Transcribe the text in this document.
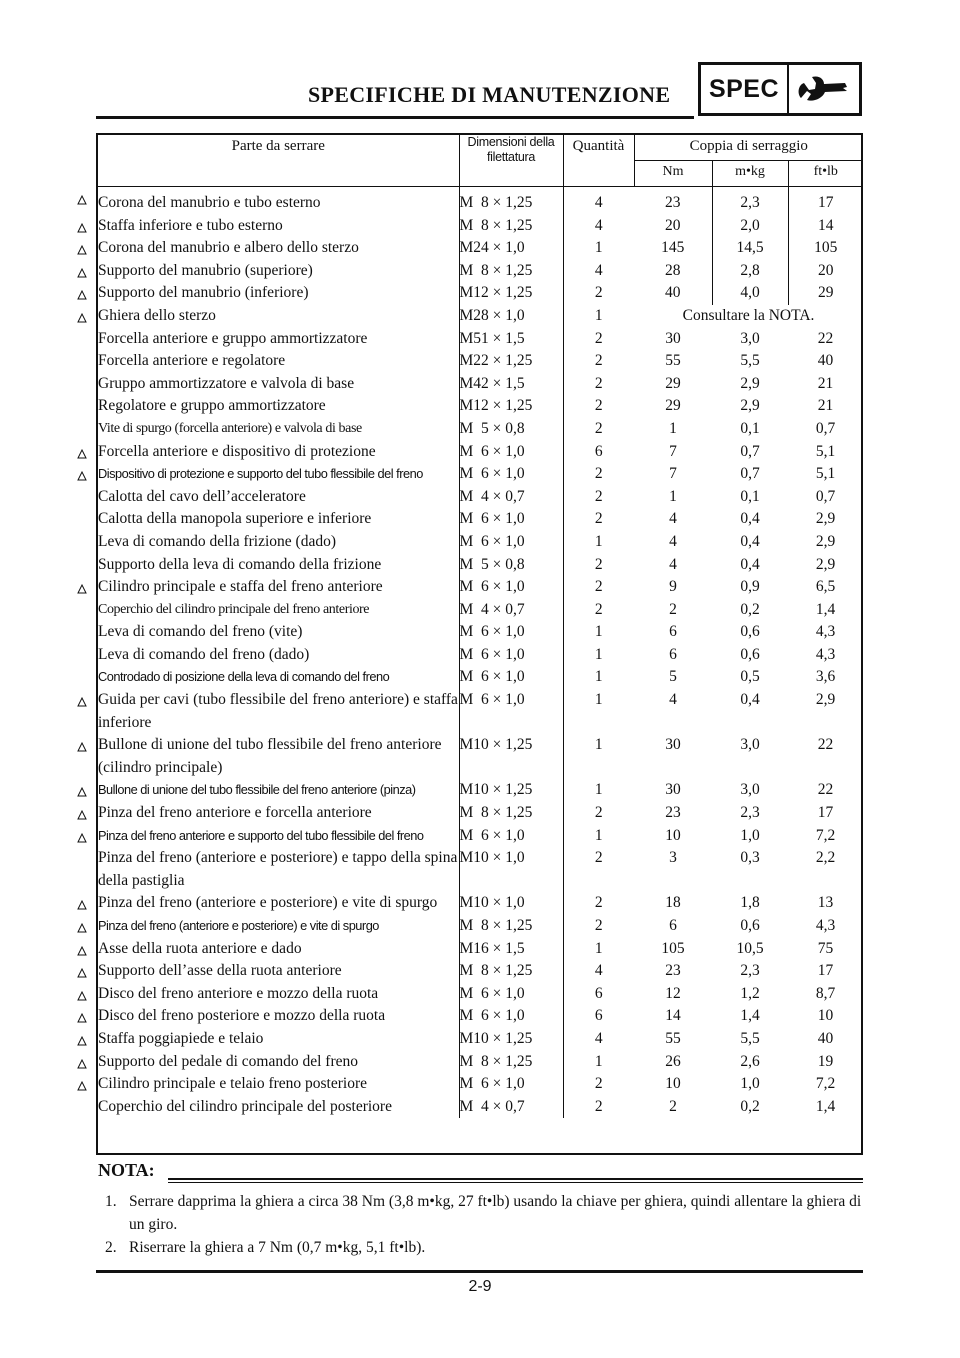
SPECIFICHE DI MANUTENZIONE	SPEC
Parte da serrare	Dimensioni della filettatura	Quantità	Coppia di serraggio		
			Nm	m•kg	ft•lb

Corona del manubrio e tubo esterno	M  8 × 1,25	4	23	2,3	17

Staffa inferiore e tubo esterno	M  8 × 1,25	4	20	2,0	14

Corona del manubrio e albero dello sterzo	M24 × 1,0	1	145	14,5	105

Supporto del manubrio (superiore)	M  8 × 1,25	4	28	2,8	20

Supporto del manubrio (inferiore)	M12 × 1,25	2	40	4,0	29

Ghiera dello sterzo	M28 × 1,0	1	Consultare la NOTA.		
Forcella anteriore e gruppo ammortizzatore	M51 × 1,5	2	30	3,0	22
Forcella anteriore e regolatore	M22 × 1,25	2	55	5,5	40
Gruppo ammortizzatore e valvola di base	M42 × 1,5	2	29	2,9	21
Regolatore e gruppo ammortizzatore	M12 × 1,25	2	29	2,9	21
Vite di spurgo (forcella anteriore) e valvola di base	M  5 × 0,8	2	1	0,1	0,7

Forcella anteriore e dispositivo di protezione	M  6 × 1,0	6	7	0,7	5,1

Dispositivo di protezione e supporto del tubo flessibile del freno	M  6 × 1,0	2	7	0,7	5,1
Calotta del cavo dell’acceleratore	M  4 × 0,7	2	1	0,1	0,7
Calotta della manopola superiore e inferiore	M  6 × 1,0	2	4	0,4	2,9
Leva di comando della frizione (dado)	M  6 × 1,0	1	4	0,4	2,9
Supporto della leva di comando della frizione	M  5 × 0,8	2	4	0,4	2,9

Cilindro principale e staffa del freno anteriore	M  6 × 1,0	2	9	0,9	6,5
Coperchio del cilindro principale del freno anteriore	M  4 × 0,7	2	2	0,2	1,4
Leva di comando del freno (vite)	M  6 × 1,0	1	6	0,6	4,3
Leva di comando del freno (dado)	M  6 × 1,0	1	6	0,6	4,3
Controdado di posizione della leva di comando del freno	M  6 × 1,0	1	5	0,5	3,6

Guida per cavi (tubo flessibile del freno anteriore) e staffa inferiore	M  6 × 1,0	1	4	0,4	2,9

Bullone di unione del tubo flessibile del freno anteriore (cilindro principale)	M10 × 1,25	1	30	3,0	22

Bullone di unione del tubo flessibile del freno anteriore (pinza)	M10 × 1,25	1	30	3,0	22

Pinza del freno anteriore e forcella anteriore	M  8 × 1,25	2	23	2,3	17

Pinza del freno anteriore e supporto del tubo flessibile del freno	M  6 × 1,0	1	10	1,0	7,2
Pinza del freno (anteriore e posteriore) e tappo della spina della pastiglia	M10 × 1,0	2	3	0,3	2,2

Pinza del freno (anteriore e posteriore) e vite di spurgo	M10 × 1,0	2	18	1,8	13

Pinza del freno (anteriore e posteriore) e vite di spurgo	M  8 × 1,25	2	6	0,6	4,3

Asse della ruota anteriore e dado	M16 × 1,5	1	105	10,5	75

Supporto dell’asse della ruota anteriore	M  8 × 1,25	4	23	2,3	17

Disco del freno anteriore e mozzo della ruota	M  6 × 1,0	6	12	1,2	8,7

Disco del freno posteriore e mozzo della ruota	M  6 × 1,0	6	14	1,4	10

Staffa poggiapiede e telaio	M10 × 1,25	4	55	5,5	40

Supporto del pedale di comando del freno	M  8 × 1,25	1	26	2,6	19

Cilindro principale e telaio freno posteriore	M  6 × 1,0	2	10	1,0	7,2
Coperchio del cilindro principale del posteriore	M  4 × 0,7	2	2	0,2	1,4
NOTA:
1. Serrare dapprima la ghiera a circa 38 Nm (3,8 m•kg, 27 ft•lb) usando la chiave per ghiera, quindi allentare la ghiera di un giro.
2. Riserrare la ghiera a 7 Nm (0,7 m•kg, 5,1 ft•lb).
2-9
